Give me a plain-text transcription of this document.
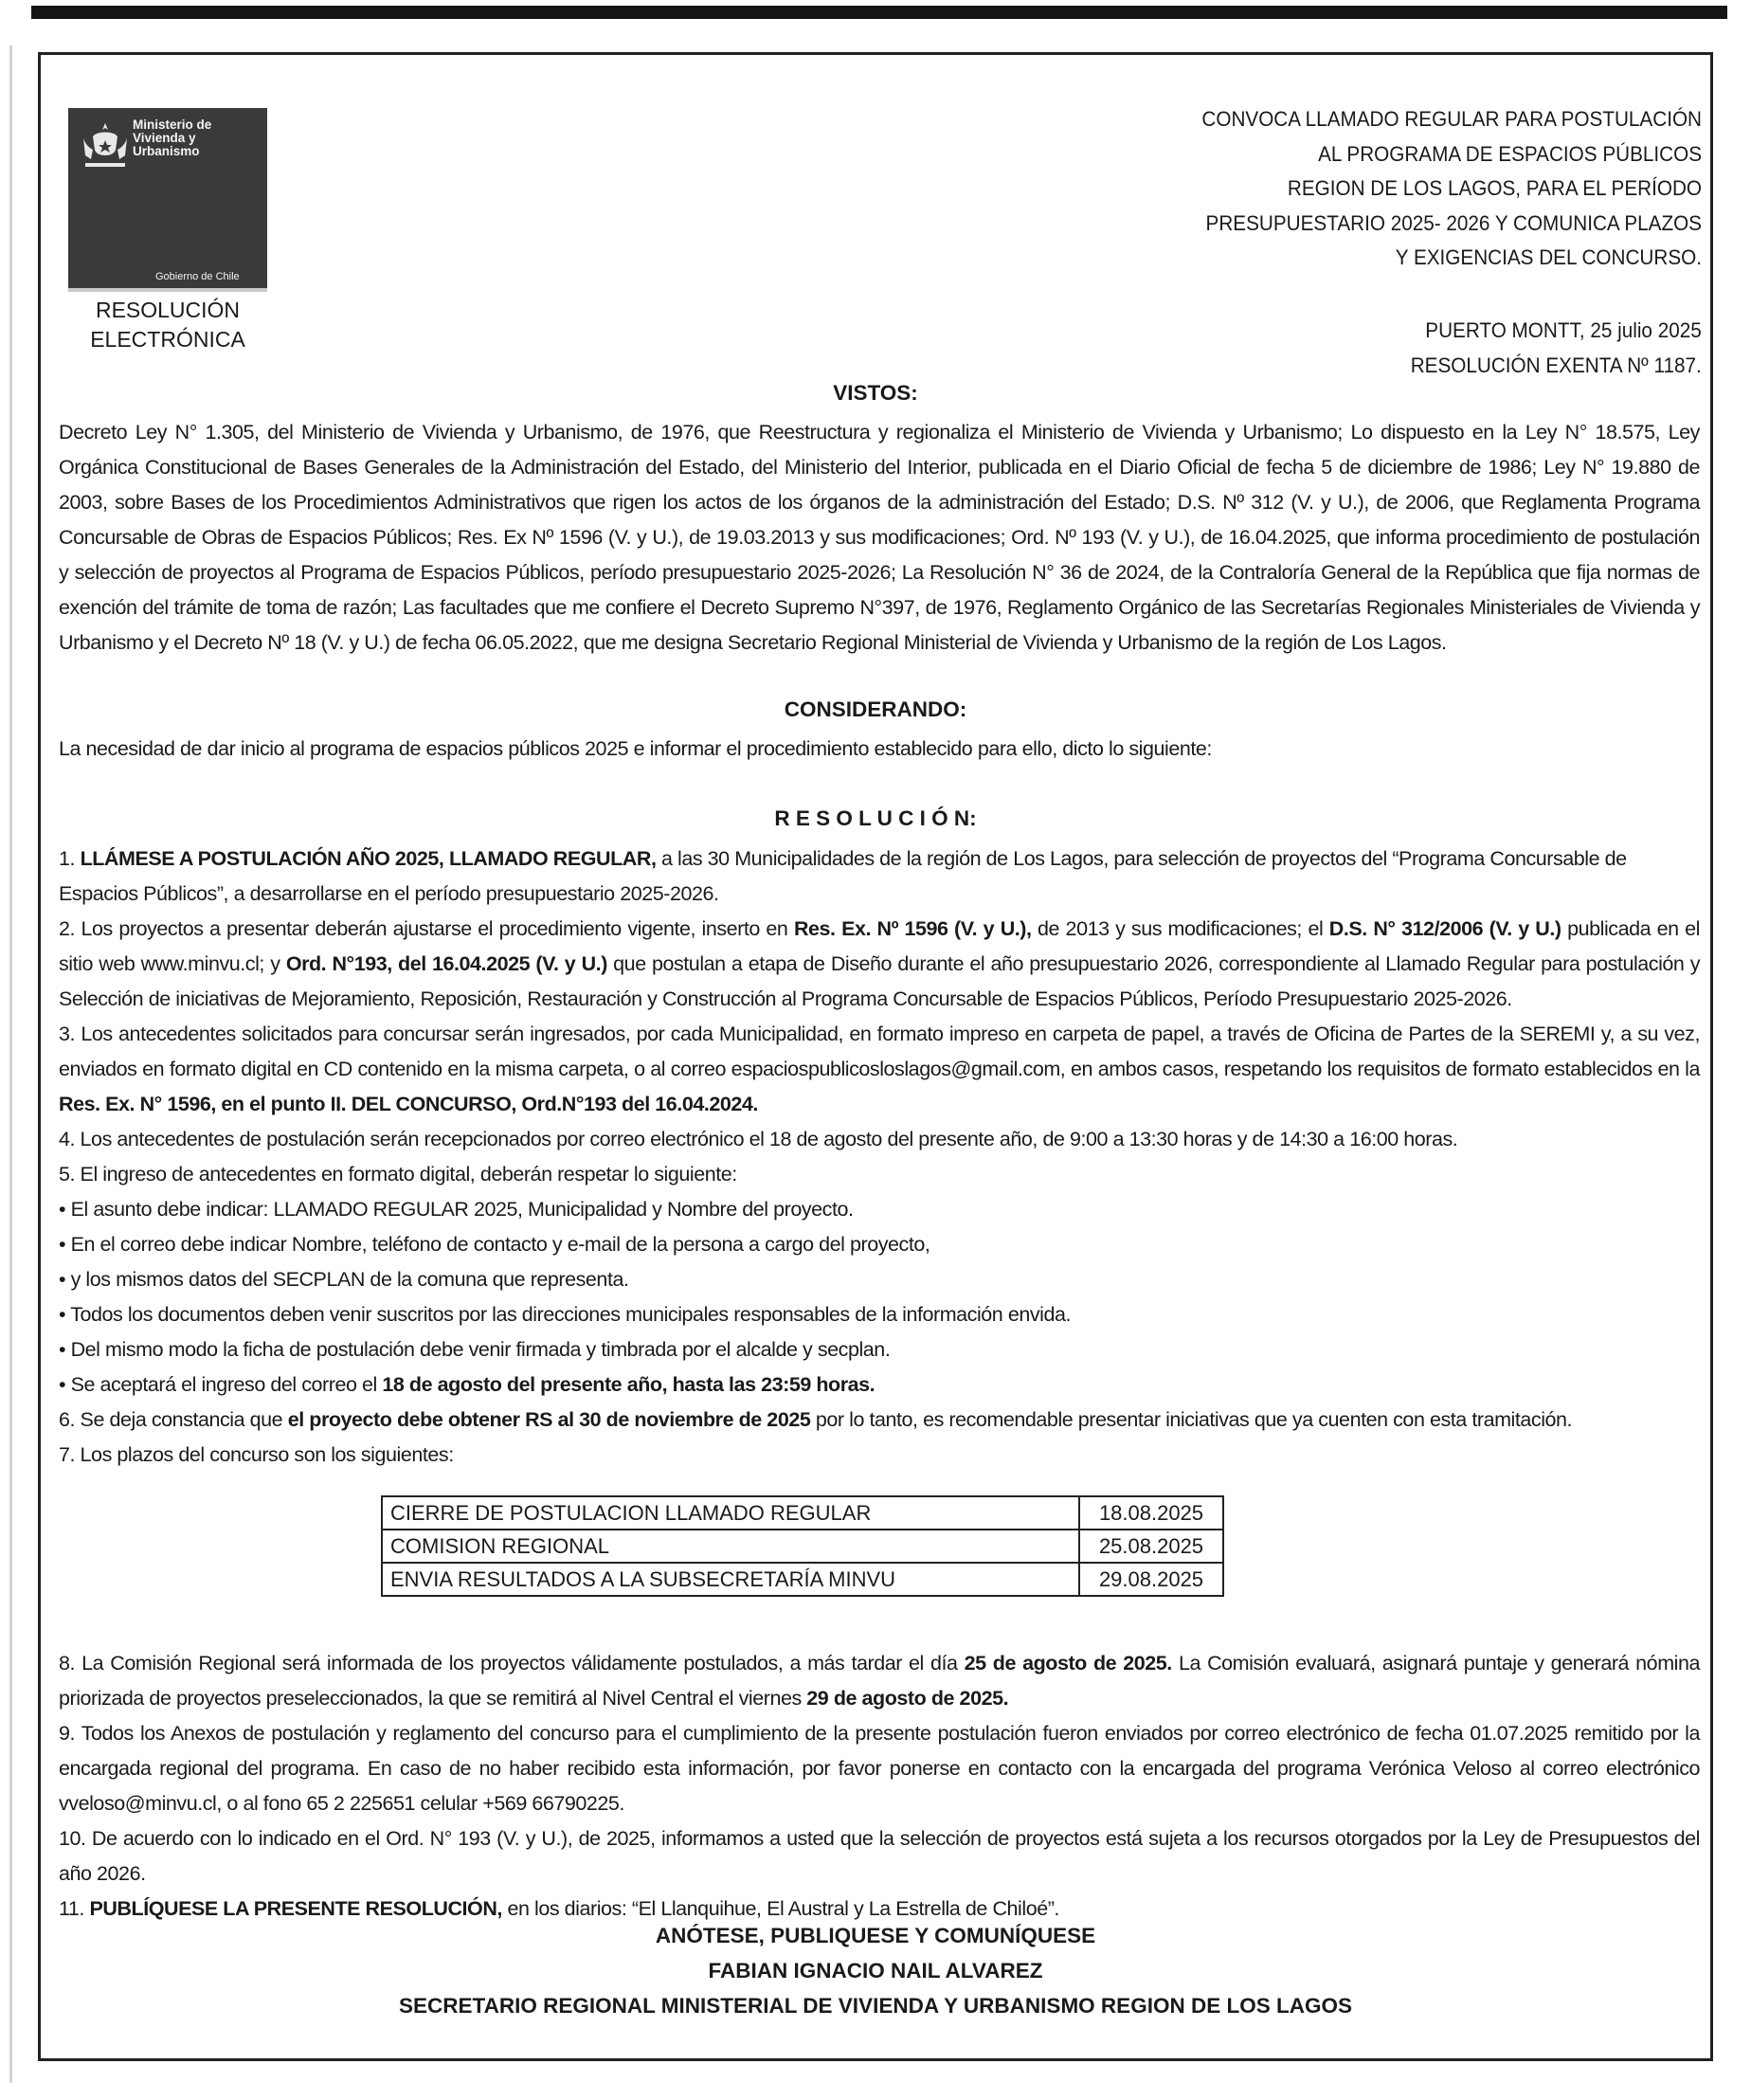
Ministerio de
Vivienda y
Urbanismo
Gobierno de Chile
RESOLUCIÓN
ELECTRÓNICA
CONVOCA LLAMADO REGULAR PARA POSTULACIÓN
AL PROGRAMA DE ESPACIOS PÚBLICOS
REGION DE LOS LAGOS, PARA EL PERÍODO
PRESUPUESTARIO 2025- 2026 Y COMUNICA PLAZOS
Y EXIGENCIAS DEL CONCURSO.
PUERTO MONTT, 25 julio 2025
RESOLUCIÓN EXENTA Nº 1187.
VISTOS:

Decreto Ley N° 1.305, del Ministerio de Vivienda y Urbanismo, de 1976, que Reestructura y regionaliza el Ministerio de Vivienda y Urbanismo; Lo dispuesto en la Ley N° 18.575, Ley Orgánica Constitucional de Bases Generales de la Administración del Estado, del Ministerio del Interior, publicada en el Diario Oficial de fecha 5 de diciembre de 1986; Ley N° 19.880 de 2003, sobre Bases de los Procedimientos Administrativos que rigen los actos de los órganos de la administración del Estado; D.S. Nº 312 (V. y U.), de 2006, que Reglamenta Programa Concursable de Obras de Espacios Públicos; Res. Ex Nº 1596 (V. y U.), de 19.03.2013 y sus modificaciones; Ord. Nº 193 (V. y U.), de 16.04.2025, que informa procedimiento de postulación y selección de proyectos al Programa de Espacios Públicos, período presupuestario 2025-2026; La Resolución N° 36 de 2024, de la Contraloría General de la República que fija normas de exención del trámite de toma de razón; Las facultades que me confiere el Decreto Supremo N°397, de 1976, Reglamento Orgánico de las Secretarías Regionales Ministeriales de Vivienda y Urbanismo y el Decreto Nº 18 (V. y U.) de fecha 06.05.2022, que me designa Secretario Regional Ministerial de Vivienda y Urbanismo de la región de Los Lagos.

CONSIDERANDO:

La necesidad de dar inicio al programa de espacios públicos 2025 e informar el procedimiento establecido para ello, dicto lo siguiente:

R E S O L U C I Ó N:

1. LLÁMESE A POSTULACIÓN AÑO 2025, LLAMADO REGULAR, a las 30 Municipalidades de la región de Los Lagos, para selección de proyectos del “Programa Concursable de Espacios Públicos”, a desarrollarse en el período presupuestario 2025-2026.

2. Los proyectos a presentar deberán ajustarse el procedimiento vigente, inserto en Res. Ex. Nº 1596 (V. y U.), de 2013 y sus modificaciones; el D.S. N° 312/2006 (V. y U.) publicada en el sitio web www.minvu.cl; y Ord. N°193, del 16.04.2025 (V. y U.) que postulan a etapa de Diseño durante el año presupuestario 2026, correspondiente al Llamado Regular para postulación y Selección de iniciativas de Mejoramiento, Reposición, Restauración y Construcción al Programa Concursable de Espacios Públicos, Período Presupuestario 2025-2026.

3. Los antecedentes solicitados para concursar serán ingresados, por cada Municipalidad, en formato impreso en carpeta de papel, a través de Oficina de Partes de la SEREMI y, a su vez, enviados en formato digital en CD contenido en la misma carpeta, o al correo espaciospublicosloslagos@gmail.com, en ambos casos, respetando los requisitos de formato establecidos en la Res. Ex. N° 1596, en el punto II. DEL CONCURSO, Ord.N°193 del 16.04.2024.

4. Los antecedentes de postulación serán recepcionados por correo electrónico el 18 de agosto del presente año, de 9:00 a 13:30 horas y de 14:30 a 16:00 horas.

5. El ingreso de antecedentes en formato digital, deberán respetar lo siguiente:

• El asunto debe indicar: LLAMADO REGULAR 2025, Municipalidad y Nombre del proyecto.

• En el correo debe indicar Nombre, teléfono de contacto y e-mail de la persona a cargo del proyecto,

• y los mismos datos del SECPLAN de la comuna que representa.

• Todos los documentos deben venir suscritos por las direcciones municipales responsables de la información envida.

• Del mismo modo la ficha de postulación debe venir firmada y timbrada por el alcalde y secplan.

• Se aceptará el ingreso del correo el 18 de agosto del presente año, hasta las 23:59 horas.

6. Se deja constancia que el proyecto debe obtener RS al 30 de noviembre de 2025 por lo tanto, es recomendable presentar iniciativas que ya cuenten con esta tramitación.

7. Los plazos del concurso son los siguientes:

CIERRE DE POSTULACION LLAMADO REGULAR	18.08.2025
COMISION REGIONAL	25.08.2025
ENVIA RESULTADOS A LA SUBSECRETARÍA MINVU	29.08.2025

8. La Comisión Regional será informada de los proyectos válidamente postulados, a más tardar el día 25 de agosto de 2025. La Comisión evaluará, asignará puntaje y generará nómina priorizada de proyectos preseleccionados, la que se remitirá al Nivel Central el viernes 29 de agosto de 2025.

9. Todos los Anexos de postulación y reglamento del concurso para el cumplimiento de la presente postulación fueron enviados por correo electrónico de fecha 01.07.2025 remitido por la encargada regional del programa. En caso de no haber recibido esta información, por favor ponerse en contacto con la encargada del programa Verónica Veloso al correo electrónico vveloso@minvu.cl, o al fono 65 2 225651 celular +569 66790225.

10. De acuerdo con lo indicado en el Ord. N° 193 (V. y U.), de 2025, informamos a usted que la selección de proyectos está sujeta a los recursos otorgados por la Ley de Presupuestos del año 2026.

11. PUBLÍQUESE LA PRESENTE RESOLUCIÓN, en los diarios: “El Llanquihue, El Austral y La Estrella de Chiloé”.

ANÓTESE, PUBLIQUESE Y COMUNÍQUESE

FABIAN IGNACIO NAIL ALVAREZ

SECRETARIO REGIONAL MINISTERIAL DE VIVIENDA Y URBANISMO REGION DE LOS LAGOS
